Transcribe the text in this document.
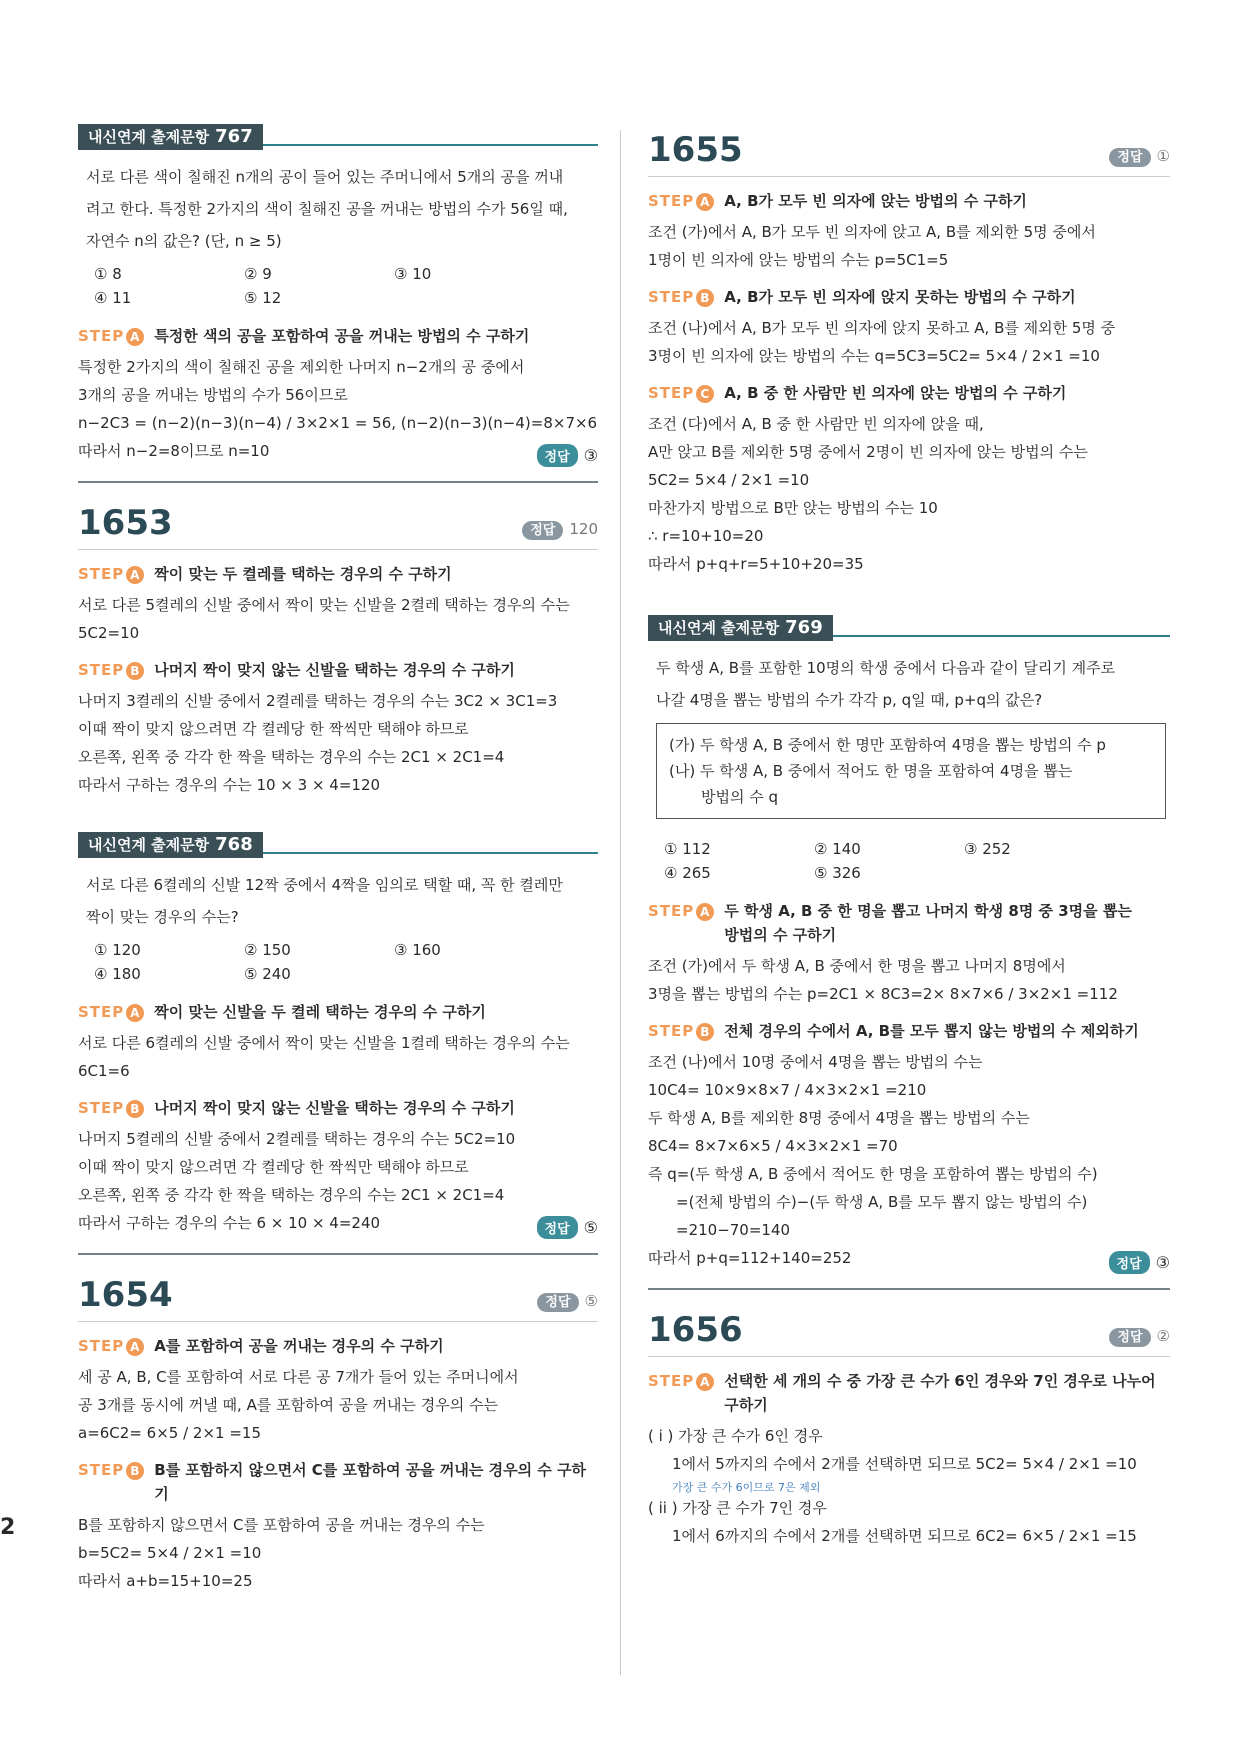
2
내신연계 출제문항 767

서로 다른 색이 칠해진 n개의 공이 들어 있는 주머니에서 5개의 공을 꺼내

려고 한다. 특정한 2가지의 색이 칠해진 공을 꺼내는 방법의 수가 56일 때,

자연수 n의 값은? (단, n ≥ 5)

① 8	② 9	③ 10
④ 11	⑤ 12
STEP A 특정한 색의 공을 포함하여 공을 꺼내는 방법의 수 구하기

특정한 2가지의 색이 칠해진 공을 제외한 나머지 n−2개의 공 중에서

3개의 공을 꺼내는 방법의 수가 56이므로

n−2C3 = (n−2)(n−3)(n−4) / 3×2×1 = 56, (n−2)(n−3)(n−4)=8×7×6

따라서 n−2=8이므로 n=10	정답 ③
1653	정답 120
STEP A 짝이 맞는 두 켤레를 택하는 경우의 수 구하기

서로 다른 5켤레의 신발 중에서 짝이 맞는 신발을 2켤레 택하는 경우의 수는

5C2=10

STEP B 나머지 짝이 맞지 않는 신발을 택하는 경우의 수 구하기

나머지 3켤레의 신발 중에서 2켤레를 택하는 경우의 수는 3C2 × 3C1=3

이때 짝이 맞지 않으려면 각 켤레당 한 짝씩만 택해야 하므로

오른쪽, 왼쪽 중 각각 한 짝을 택하는 경우의 수는 2C1 × 2C1=4

따라서 구하는 경우의 수는 10 × 3 × 4=120

내신연계 출제문항 768

서로 다른 6켤레의 신발 12짝 중에서 4짝을 임의로 택할 때, 꼭 한 켤레만

짝이 맞는 경우의 수는?

① 120	② 150	③ 160
④ 180	⑤ 240
STEP A 짝이 맞는 신발을 두 켤레 택하는 경우의 수 구하기

서로 다른 6켤레의 신발 중에서 짝이 맞는 신발을 1켤레 택하는 경우의 수는

6C1=6

STEP B 나머지 짝이 맞지 않는 신발을 택하는 경우의 수 구하기

나머지 5켤레의 신발 중에서 2켤레를 택하는 경우의 수는 5C2=10

이때 짝이 맞지 않으려면 각 켤레당 한 짝씩만 택해야 하므로

오른쪽, 왼쪽 중 각각 한 짝을 택하는 경우의 수는 2C1 × 2C1=4

따라서 구하는 경우의 수는 6 × 10 × 4=240	정답 ⑤
1654	정답 ⑤
STEP A A를 포함하여 공을 꺼내는 경우의 수 구하기

세 공 A, B, C를 포함하여 서로 다른 공 7개가 들어 있는 주머니에서

공 3개를 동시에 꺼낼 때, A를 포함하여 공을 꺼내는 경우의 수는

a=6C2= 6×5 / 2×1 =15

STEP B B를 포함하지 않으면서 C를 포함하여 공을 꺼내는 경우의 수 구하기

B를 포함하지 않으면서 C를 포함하여 공을 꺼내는 경우의 수는

b=5C2= 5×4 / 2×1 =10

따라서 a+b=15+10=25

1655	정답 ①
STEP A A, B가 모두 빈 의자에 앉는 방법의 수 구하기

조건 (가)에서 A, B가 모두 빈 의자에 앉고 A, B를 제외한 5명 중에서

1명이 빈 의자에 앉는 방법의 수는 p=5C1=5

STEP B A, B가 모두 빈 의자에 앉지 못하는 방법의 수 구하기

조건 (나)에서 A, B가 모두 빈 의자에 앉지 못하고 A, B를 제외한 5명 중

3명이 빈 의자에 앉는 방법의 수는 q=5C3=5C2= 5×4 / 2×1 =10

STEP C A, B 중 한 사람만 빈 의자에 앉는 방법의 수 구하기

조건 (다)에서 A, B 중 한 사람만 빈 의자에 앉을 때,

A만 앉고 B를 제외한 5명 중에서 2명이 빈 의자에 앉는 방법의 수는

5C2= 5×4 / 2×1 =10

마찬가지 방법으로 B만 앉는 방법의 수는 10

∴ r=10+10=20

따라서 p+q+r=5+10+20=35

내신연계 출제문항 769

두 학생 A, B를 포함한 10명의 학생 중에서 다음과 같이 달리기 계주로

나갈 4명을 뽑는 방법의 수가 각각 p, q일 때, p+q의 값은?

(가) 두 학생 A, B 중에서 한 명만 포함하여 4명을 뽑는 방법의 수 p
(나) 두 학생 A, B 중에서 적어도 한 명을 포함하여 4명을 뽑는
방법의 수 q
① 112	② 140	③ 252
④ 265	⑤ 326
STEP A 두 학생 A, B 중 한 명을 뽑고 나머지 학생 8명 중 3명을 뽑는
방법의 수 구하기

조건 (가)에서 두 학생 A, B 중에서 한 명을 뽑고 나머지 8명에서

3명을 뽑는 방법의 수는 p=2C1 × 8C3=2× 8×7×6 / 3×2×1 =112

STEP B 전체 경우의 수에서 A, B를 모두 뽑지 않는 방법의 수 제외하기

조건 (나)에서 10명 중에서 4명을 뽑는 방법의 수는

10C4= 10×9×8×7 / 4×3×2×1 =210

두 학생 A, B를 제외한 8명 중에서 4명을 뽑는 방법의 수는

8C4= 8×7×6×5 / 4×3×2×1 =70

즉 q=(두 학생 A, B 중에서 적어도 한 명을 포함하여 뽑는 방법의 수)

=(전체 방법의 수)−(두 학생 A, B를 모두 뽑지 않는 방법의 수)

=210−70=140

따라서 p+q=112+140=252	정답 ③
1656	정답 ②
STEP A 선택한 세 개의 수 중 가장 큰 수가 6인 경우와 7인 경우로 나누어
구하기

( i ) 가장 큰 수가 6인 경우

1에서 5까지의 수에서 2개를 선택하면 되므로 5C2= 5×4 / 2×1 =10

가장 큰 수가 6이므로 7은 제외

( ii ) 가장 큰 수가 7인 경우

1에서 6까지의 수에서 2개를 선택하면 되므로 6C2= 6×5 / 2×1 =15
